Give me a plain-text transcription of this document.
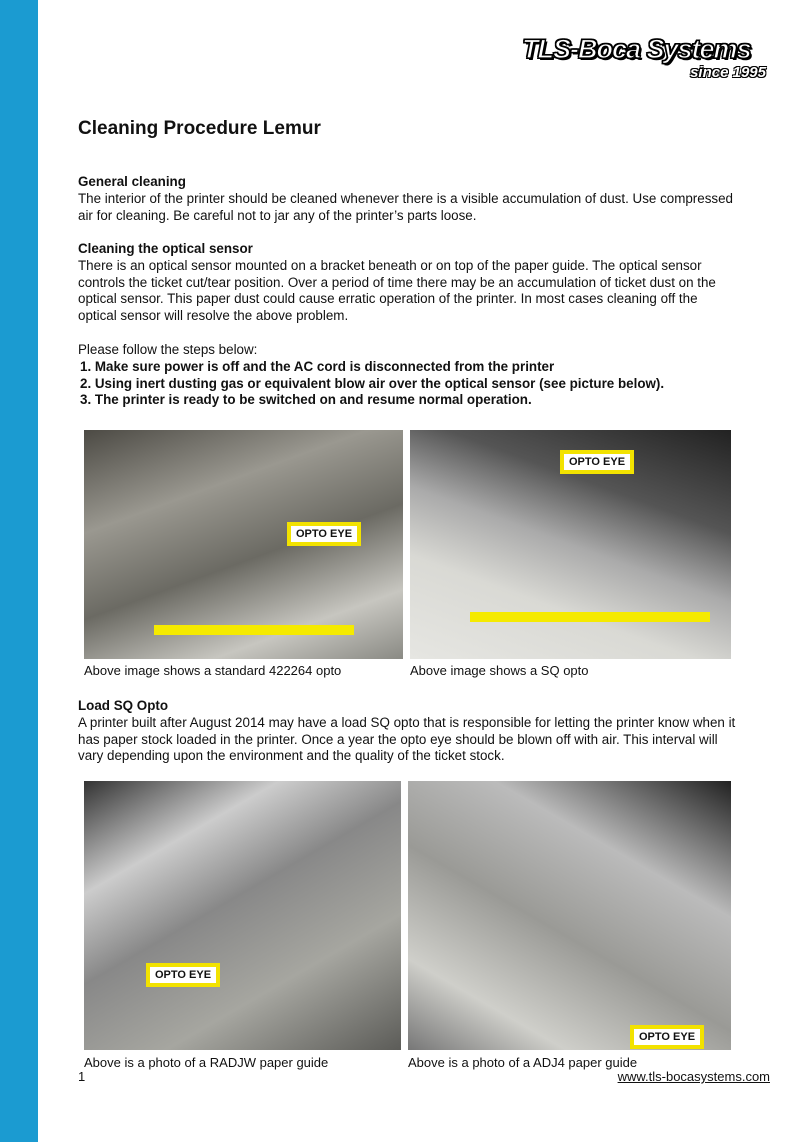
TLS-Boca Systems
since 1995
Cleaning Procedure Lemur
General cleaning

The interior of the printer should be cleaned whenever there is a visible accumulation of dust. Use compressed air for cleaning. Be careful not to jar any of the printer’s parts loose.

Cleaning the optical sensor

There is an optical sensor mounted on a bracket beneath or on top of the paper guide. The optical sensor controls the ticket cut/tear position. Over a period of time there may be an accumulation of ticket dust on the optical sensor. This paper dust could cause erratic operation of the printer. In most cases cleaning off the optical sensor will resolve the above problem.

Please follow the steps below:

1. Make sure power is off and the AC cord is disconnected from the printer

2. Using inert dusting gas or equivalent blow air over the optical sensor (see picture below).

3. The printer is ready to be switched on and resume normal operation.

OPTO EYE
OPTO EYE
Above image shows a standard 422264 opto	Above image shows a SQ opto
Load SQ Opto

A printer built after August 2014 may have a load SQ opto that is responsible for letting the printer know when it has paper stock loaded in the printer. Once a year the opto eye should be blown off with air. This interval will vary depending upon the environment and the quality of the ticket stock.

OPTO EYE
OPTO EYE
Above is a photo of a RADJW paper guide	Above is a photo of a ADJ4 paper guide
1	www.tls-bocasystems.com
